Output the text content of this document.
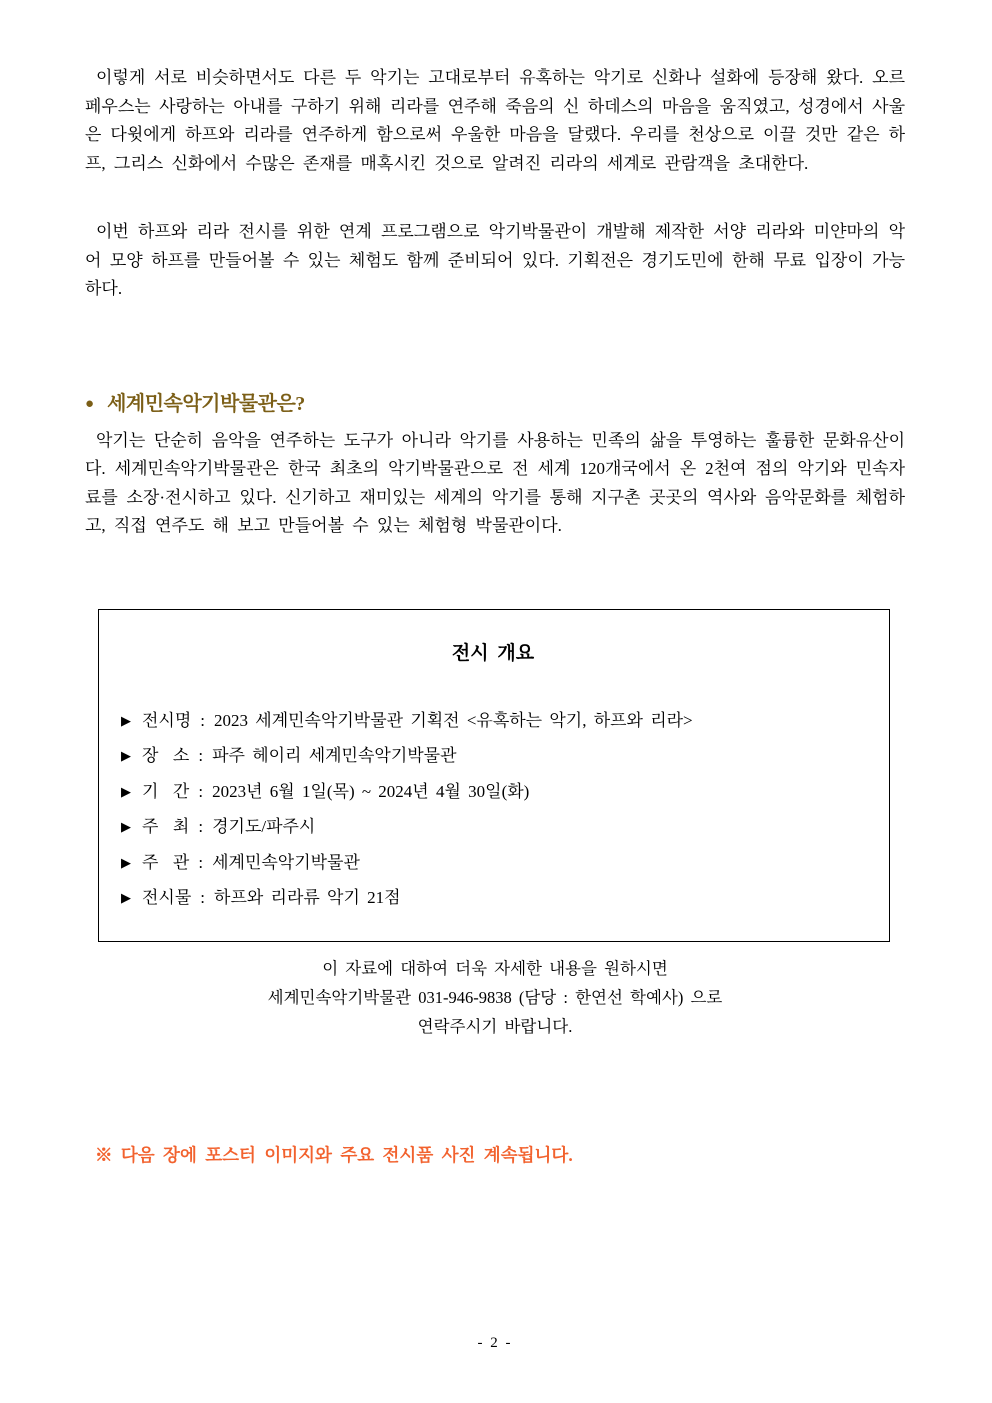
이렇게 서로 비슷하면서도 다른 두 악기는 고대로부터 유혹하는 악기로 신화나 설화에 등장해 왔다. 오르페우스는 사랑하는 아내를 구하기 위해 리라를 연주해 죽음의 신 하데스의 마음을 움직였고, 성경에서 사울은 다윗에게 하프와 리라를 연주하게 함으로써 우울한 마음을 달랬다. 우리를 천상으로 이끌 것만 같은 하프, 그리스 신화에서 수많은 존재를 매혹시킨 것으로 알려진 리라의 세계로 관람객을 초대한다.

이번 하프와 리라 전시를 위한 연계 프로그램으로 악기박물관이 개발해 제작한 서양 리라와 미얀마의 악어 모양 하프를 만들어볼 수 있는 체험도 함께 준비되어 있다. 기획전은 경기도민에 한해 무료 입장이 가능하다.

● 세계민속악기박물관은?

악기는 단순히 음악을 연주하는 도구가 아니라 악기를 사용하는 민족의 삶을 투영하는 훌륭한 문화유산이다. 세계민속악기박물관은 한국 최초의 악기박물관으로 전 세계 120개국에서 온 2천여 점의 악기와 민속자료를 소장·전시하고 있다. 신기하고 재미있는 세계의 악기를 통해 지구촌 곳곳의 역사와 음악문화를 체험하고, 직접 연주도 해 보고 만들어볼 수 있는 체험형 박물관이다.

전시 개요
▶ 전시명 : 2023 세계민속악기박물관 기획전 <유혹하는 악기, 하프와 리라>
▶ 장  소 : 파주 헤이리 세계민속악기박물관
▶ 기  간 : 2023년 6월 1일(목) ~ 2024년 4월 30일(화)
▶ 주  최 : 경기도/파주시
▶ 주  관 : 세계민속악기박물관
▶ 전시물 : 하프와 리라류 악기 21점
이 자료에 대하여 더욱 자세한 내용을 원하시면
세계민속악기박물관 031-946-9838 (담당 : 한연선 학예사) 으로
연락주시기 바랍니다.
※ 다음 장에 포스터 이미지와 주요 전시품 사진 계속됩니다.
- 2 -
